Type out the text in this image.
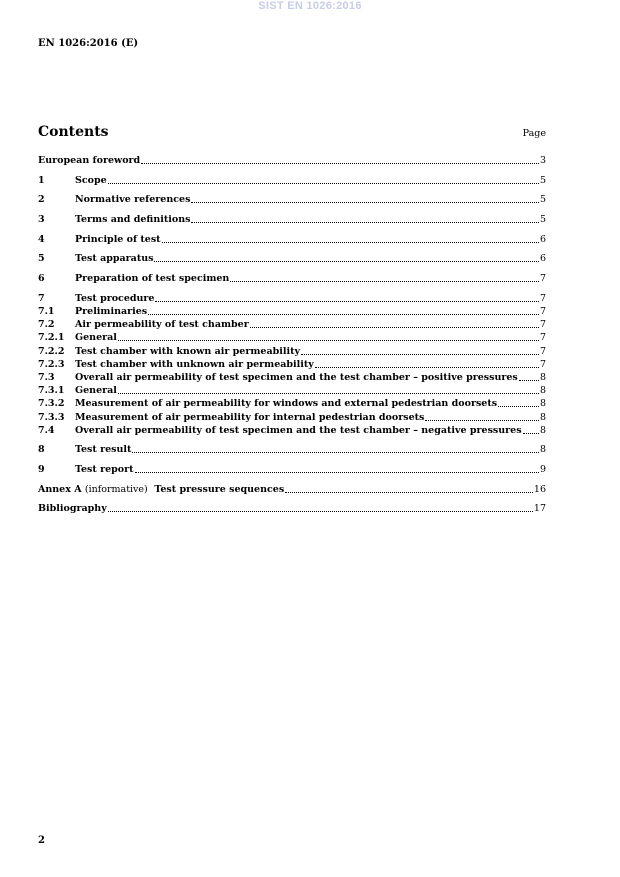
SIST EN 1026:2016
EN 1026:2016 (E)
Contents	Page
European foreword	3
1	Scope	5
2	Normative references	5
3	Terms and definitions	5
4	Principle of test	6
5	Test apparatus	6
6	Preparation of test specimen	7
7	Test procedure	7
7.1	Preliminaries	7
7.2	Air permeability of test chamber	7
7.2.1	General	7
7.2.2	Test chamber with known air permeability	7
7.2.3	Test chamber with unknown air permeability	7
7.3	Overall air permeability of test specimen and the test chamber – positive pressures 8
7.3.1	General	8
7.3.2	Measurement of air permeability for windows and external pedestrian doorsets	8
7.3.3	Measurement of air permeability for internal pedestrian doorsets	8
7.4	Overall air permeability of test specimen and the test chamber – negative pressures 8
8	Test result	8
9	Test report	9
Annex A (informative) Test pressure sequences	16
Bibliography	17
2
